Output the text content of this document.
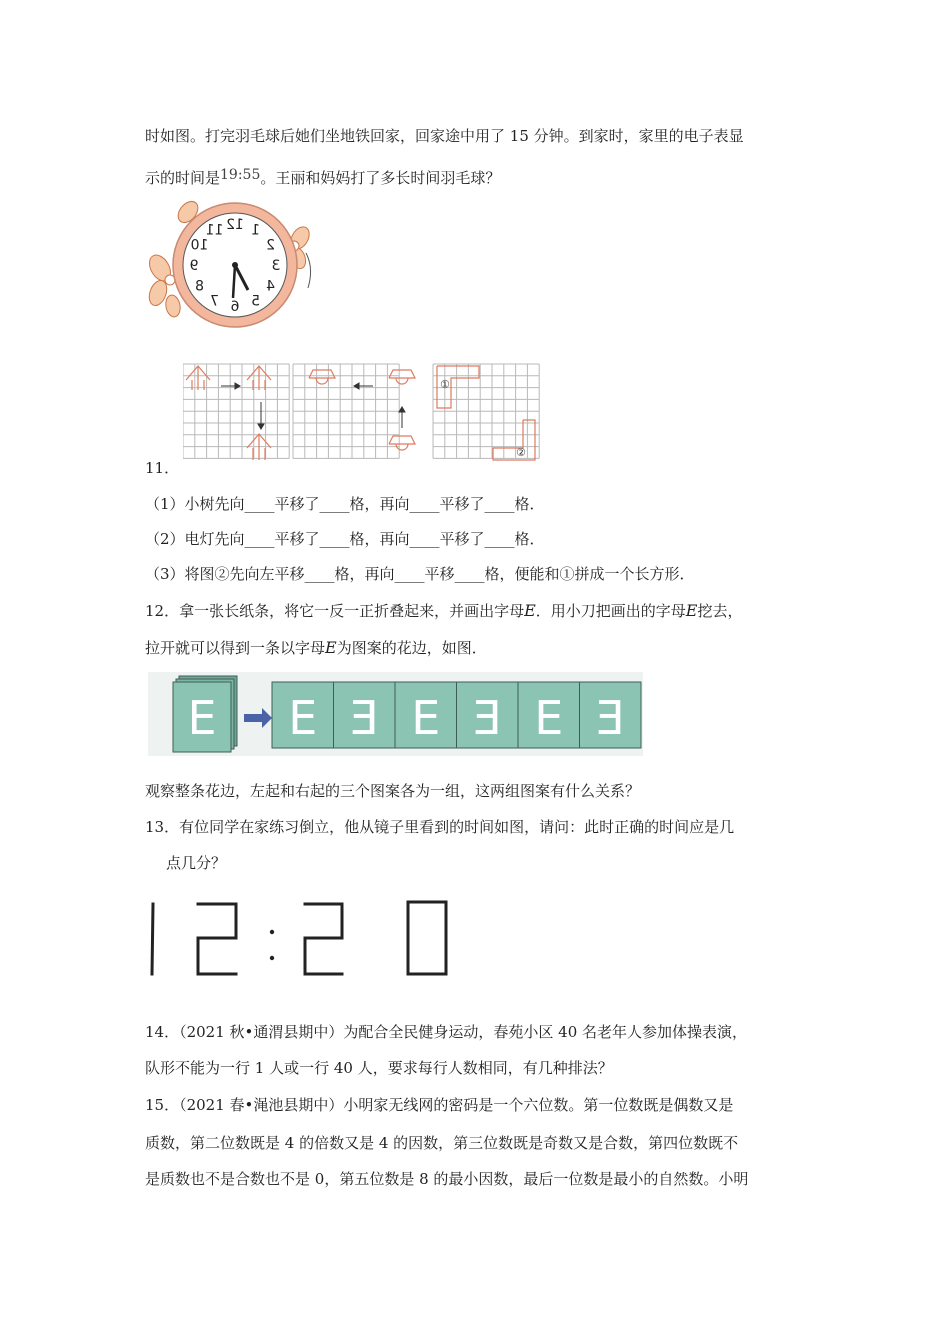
时如图。打完羽毛球后她们坐地铁回家，回家途中用了 15 分钟。到家时，家里的电子表显
示的时间是19:55。王丽和妈妈打了多长时间羽毛球？
12
11
10
9
8
7 6 5
4
3
2
1
①
②
11．
（1）小树先向____平移了____格，再向____平移了____格．
（2）电灯先向____平移了____格，再向____平移了____格．
（3）将图②先向左平移____格，再向____平移____格，便能和①拼成一个长方形．
12．拿一张长纸条，将它一反一正折叠起来，并画出字母E．用小刀把画出的字母E挖去，
拉开就可以得到一条以字母E为图案的花边，如图．
E E Ǝ E Ǝ E Ǝ
观察整条花边，左起和右起的三个图案各为一组，这两组图案有什么关系？
13．有位同学在家练习倒立，他从镜子里看到的时间如图，请问：此时正确的时间应是几
点几分？
14．（2021 秋•通渭县期中）为配合全民健身运动，春苑小区 40 名老年人参加体操表演，
队形不能为一行 1 人或一行 40 人，要求每行人数相同，有几种排法？
15．（2021 春•渑池县期中）小明家无线网的密码是一个六位数。第一位数既是偶数又是
质数，第二位数既是 4 的倍数又是 4 的因数，第三位数既是奇数又是合数，第四位数既不
是质数也不是合数也不是 0，第五位数是 8 的最小因数，最后一位数是最小的自然数。小明
